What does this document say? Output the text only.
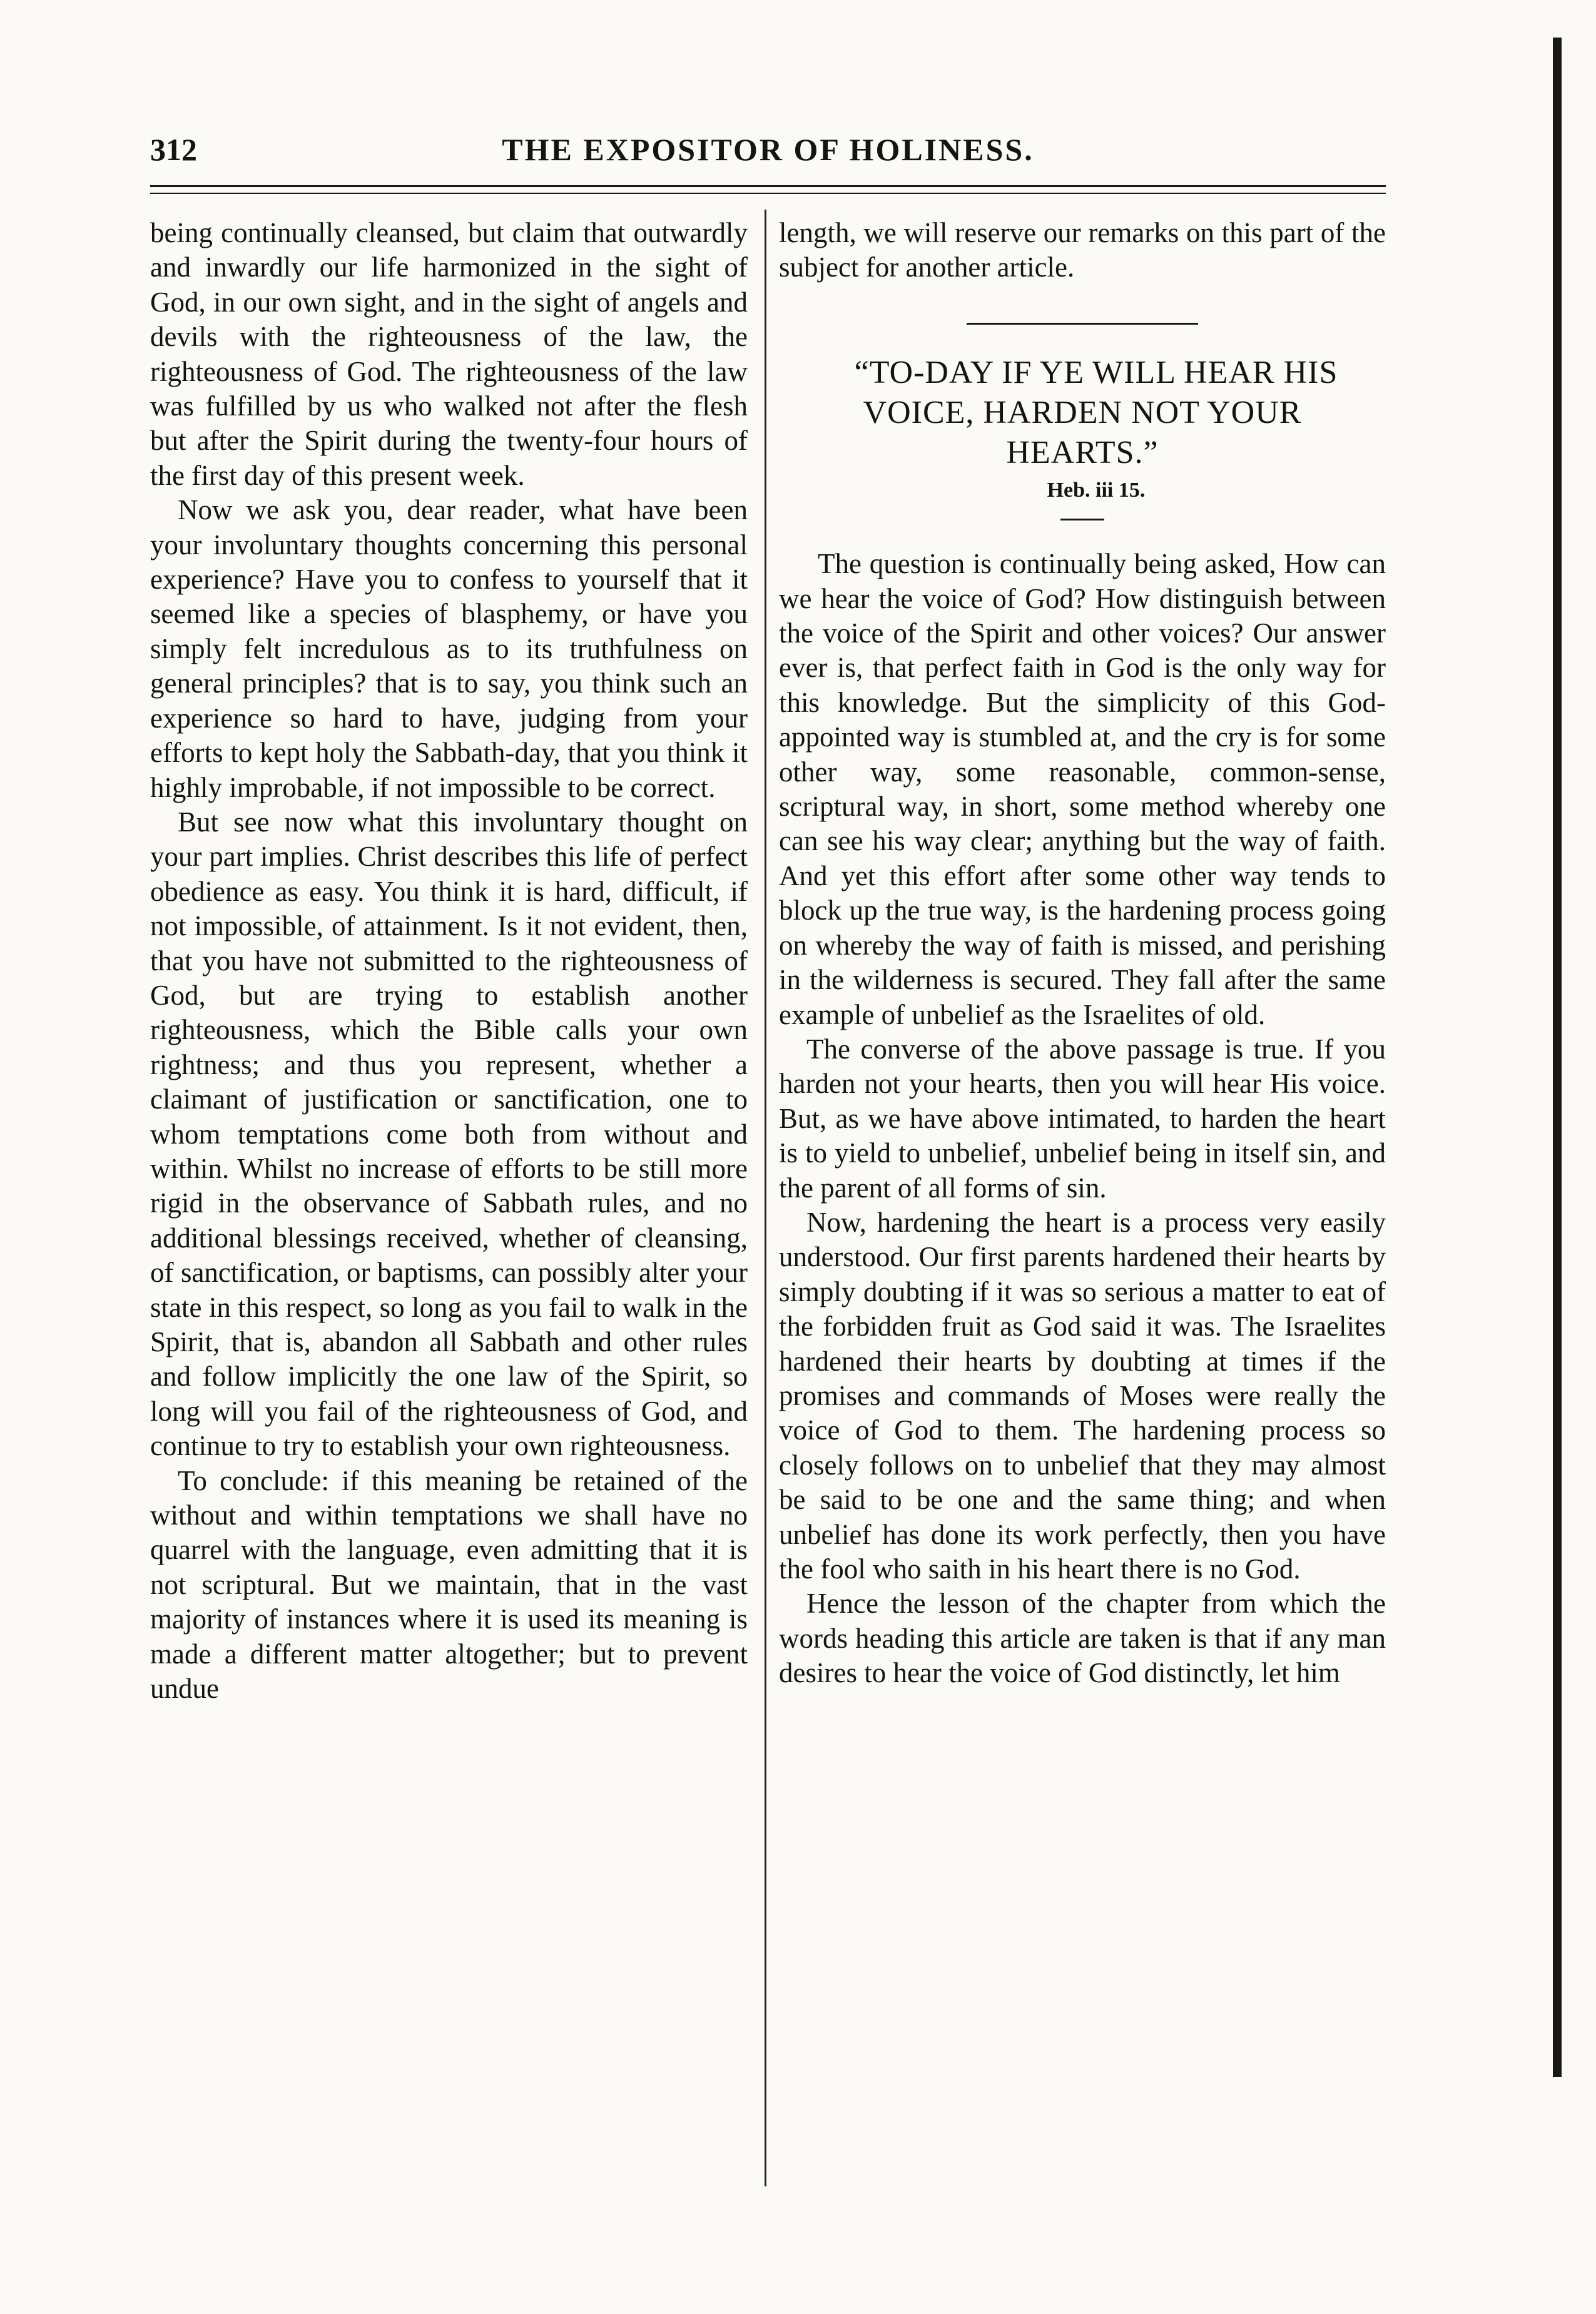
312	THE EXPOSITOR OF HOLINESS.

being continually cleansed, but claim that outwardly and inwardly our life harmonized in the sight of God, in our own sight, and in the sight of angels and devils with the righteousness of the law, the righteousness of God. The righteousness of the law was fulfilled by us who walked not after the flesh but after the Spirit during the twenty-four hours of the first day of this present week.

Now we ask you, dear reader, what have been your involuntary thoughts concerning this personal experience? Have you to confess to yourself that it seemed like a species of blasphemy, or have you simply felt incredulous as to its truthfulness on general principles? that is to say, you think such an experience so hard to have, judging from your efforts to kept holy the Sabbath-day, that you think it highly improbable, if not impossible to be correct.

But see now what this involuntary thought on your part implies. Christ describes this life of perfect obedience as easy. You think it is hard, difficult, if not impossible, of attainment. Is it not evident, then, that you have not submitted to the righteousness of God, but are trying to establish another righteousness, which the Bible calls your own rightness; and thus you represent, whether a claimant of justification or sanctification, one to whom temptations come both from without and within. Whilst no increase of efforts to be still more rigid in the observance of Sabbath rules, and no additional blessings received, whether of cleansing, of sanctification, or baptisms, can possibly alter your state in this respect, so long as you fail to walk in the Spirit, that is, abandon all Sabbath and other rules and follow implicitly the one law of the Spirit, so long will you fail of the righteousness of God, and continue to try to establish your own righteousness.

To conclude: if this meaning be retained of the without and within temptations we shall have no quarrel with the language, even admitting that it is not scriptural. But we maintain, that in the vast majority of instances where it is used its meaning is made a different matter altogether; but to prevent undue

length, we will reserve our remarks on this part of the subject for another article.

“TO-DAY IF YE WILL HEAR HIS
VOICE, HARDEN NOT YOUR
HEARTS.”

Heb. iii 15.

The question is continually being asked, How can we hear the voice of God? How distinguish between the voice of the Spirit and other voices? Our answer ever is, that perfect faith in God is the only way for this knowledge. But the simplicity of this God-appointed way is stumbled at, and the cry is for some other way, some reasonable, common-sense, scriptural way, in short, some method whereby one can see his way clear; anything but the way of faith. And yet this effort after some other way tends to block up the true way, is the hardening process going on whereby the way of faith is missed, and perishing in the wilderness is secured. They fall after the same example of unbelief as the Israelites of old.

The converse of the above passage is true. If you harden not your hearts, then you will hear His voice. But, as we have above intimated, to harden the heart is to yield to unbelief, unbelief being in itself sin, and the parent of all forms of sin.

Now, hardening the heart is a process very easily understood. Our first parents hardened their hearts by simply doubting if it was so serious a matter to eat of the forbidden fruit as God said it was. The Israelites hardened their hearts by doubting at times if the promises and commands of Moses were really the voice of God to them. The hardening process so closely follows on to unbelief that they may almost be said to be one and the same thing; and when unbelief has done its work perfectly, then you have the fool who saith in his heart there is no God.

Hence the lesson of the chapter from which the words heading this article are taken is that if any man desires to hear the voice of God distinctly, let him
